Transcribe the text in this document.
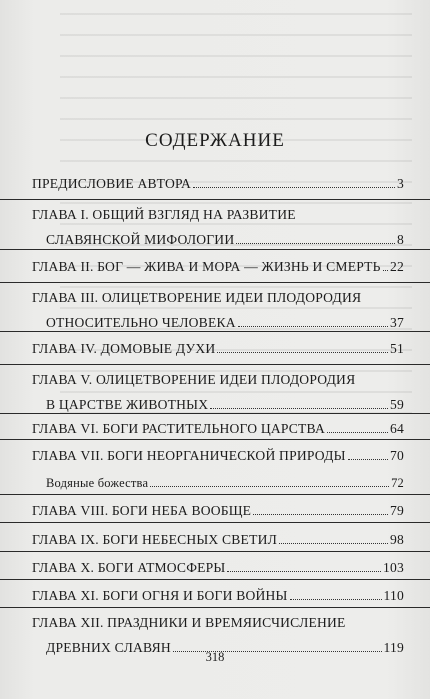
СОДЕРЖАНИЕ
ПРЕДИСЛОВИЕ АВТОРА	3
ГЛАВА I. ОБЩИЙ ВЗГЛЯД НА РАЗВИТИЕ
СЛАВЯНСКОЙ МИФОЛОГИИ	8
ГЛАВА II. БОГ — ЖИВА И МОРА — ЖИЗНЬ И СМЕРТЬ 22
ГЛАВА III. ОЛИЦЕТВОРЕНИЕ ИДЕИ ПЛОДОРОДИЯ
ОТНОСИТЕЛЬНО ЧЕЛОВЕКА	37
ГЛАВА IV. ДОМОВЫЕ ДУХИ	51
ГЛАВА V. ОЛИЦЕТВОРЕНИЕ ИДЕИ ПЛОДОРОДИЯ
В ЦАРСТВЕ ЖИВОТНЫХ	59
ГЛАВА VI. БОГИ РАСТИТЕЛЬНОГО ЦАРСТВА	64
ГЛАВА VII. БОГИ НЕОРГАНИЧЕСКОЙ ПРИРОДЫ	70
Водяные божества	72
ГЛАВА VIII. БОГИ НЕБА ВООБЩЕ	79
ГЛАВА IX. БОГИ НЕБЕСНЫХ СВЕТИЛ	98
ГЛАВА X. БОГИ АТМОСФЕРЫ	103
ГЛАВА XI. БОГИ ОГНЯ И БОГИ ВОЙНЫ	110
ГЛАВА XII. ПРАЗДНИКИ И ВРЕМЯИСЧИСЛЕНИЕ
ДРЕВНИХ СЛАВЯН	119
318
